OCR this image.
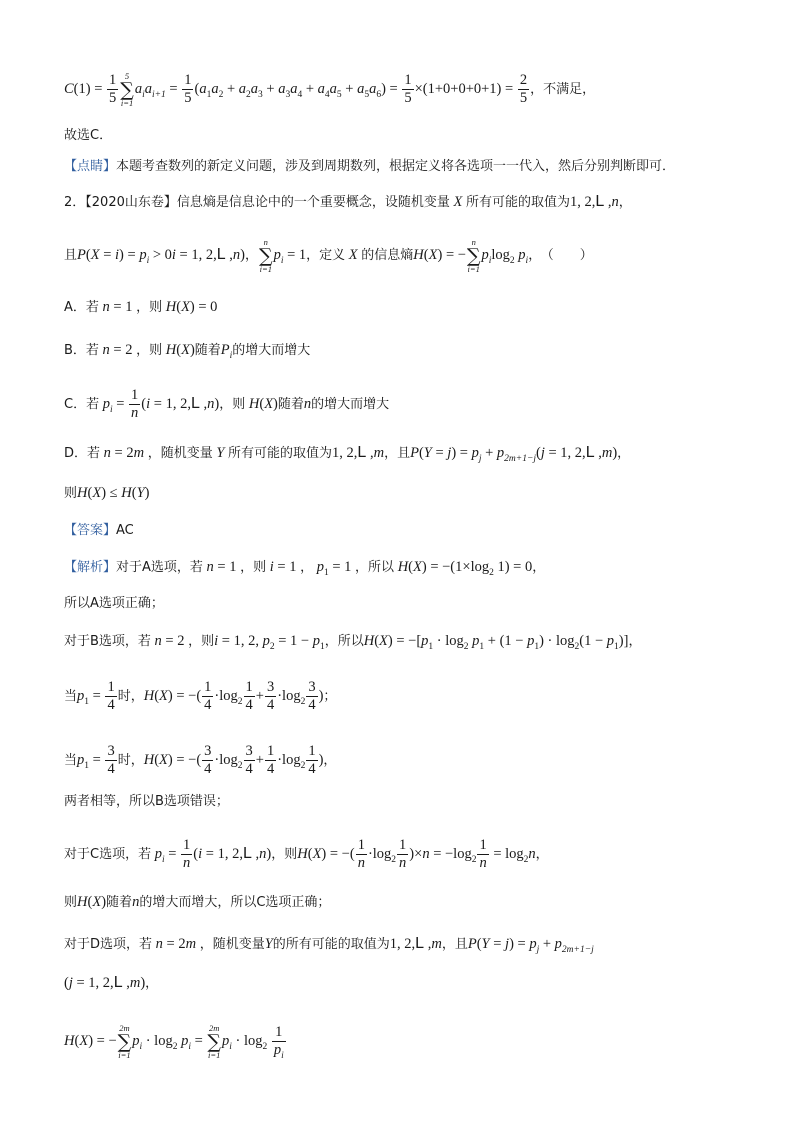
$C(1) = \frac{1}{5} 5$
∑
i=1
$a_ia_{i+1} = \frac{1}{5} (a_1a_2 + a_2a_3 + a_3a_4 + a_4a_5 + a_5a_6) = \frac{1}{5} \times(1+0+0+0+1) = \frac{2}{5}$ ，不满足，
故选C．
【点睛】本题考查数列的新定义问题，涉及到周期数列，根据定义将各选项一一代入，然后分别判断即可．
2．【2020山东卷】信息熵是信息论中的一个重要概念，设随机变量 X 所有可能的取值为1, 2,L ,n，
且$P(X = i) = p_i > 0i = 1$, 2,L ,n)，
n
∑
i=1
$p_i = 1$，定义 X 的信息熵H(X) = −
n
∑
i=1
$p_i\log_2$ $p_i$， （　　）
A．若 n = 1 ，则 H(X) = 0
B．若 n = 2 ，则 H(X)随着$P_i$的增大而增大
C．若 $p_i = \frac{1}{n} (i = 1$, 2,L ,n)，则 H(X)随着n的增大而增大
D．若 n = 2m ，随机变量 Y 所有可能的取值为1, 2,L ,m，且$P(Y = j) = p_j + p_{2m+1-j}(j = 1$, 2,L ,m)，
则H(X) ≤ H(Y)
【答案】AC
【解析】对于A选项，若 n = 1 ，则 i = 1 ， $p_1 = 1$ ，所以 $H(X) = -(1\times\log_2$ 1) = 0，
所以A选项正确；
对于B选项，若 n = 2 ，则i = 1, 2, $p_2 = 1 - p_1$，所以$H(X) = -[p_1 \cdot \log_2 p_1 + (1 - p_1) \cdot \log_2(1 - p_1)]$，
当$p_1 = \frac{1}{4}$ 时，H(X) = −( $\frac{1}{4} \cdot\log_2 \frac{1}{4} + \frac{3}{4} \cdot\log_2 \frac{3}{4}$ )；
当$p_1 = \frac{3}{4}$ 时，H(X) = −( $\frac{3}{4} \cdot\log_2 \frac{3}{4} + \frac{1}{4} \cdot\log_2 \frac{1}{4}$ )，
两者相等，所以B选项错误；
对于C选项，若 $p_i = \frac{1}{n} (i = 1$, 2,L ,n)，则H(X) = −( $\frac{1}{n} \cdot\log_2 \frac{1}{n} )\times n = -\log_2 \frac{1}{n} = \log_2n$，
则H(X)随着n的增大而增大，所以C选项正确；
对于D选项，若 n = 2m ，随机变量Y的所有可能的取值为1, 2,L ,m，且$P(Y = j) = p_j + p_{2m+1-j}$
(j = 1, 2,L ,m)，
H(X) = −
2m
∑
i=1
$p_i \cdot \log_2 p_i$ =
2m
∑
i=1
$p_i \cdot \log_2 \frac{1}{p_i}$
